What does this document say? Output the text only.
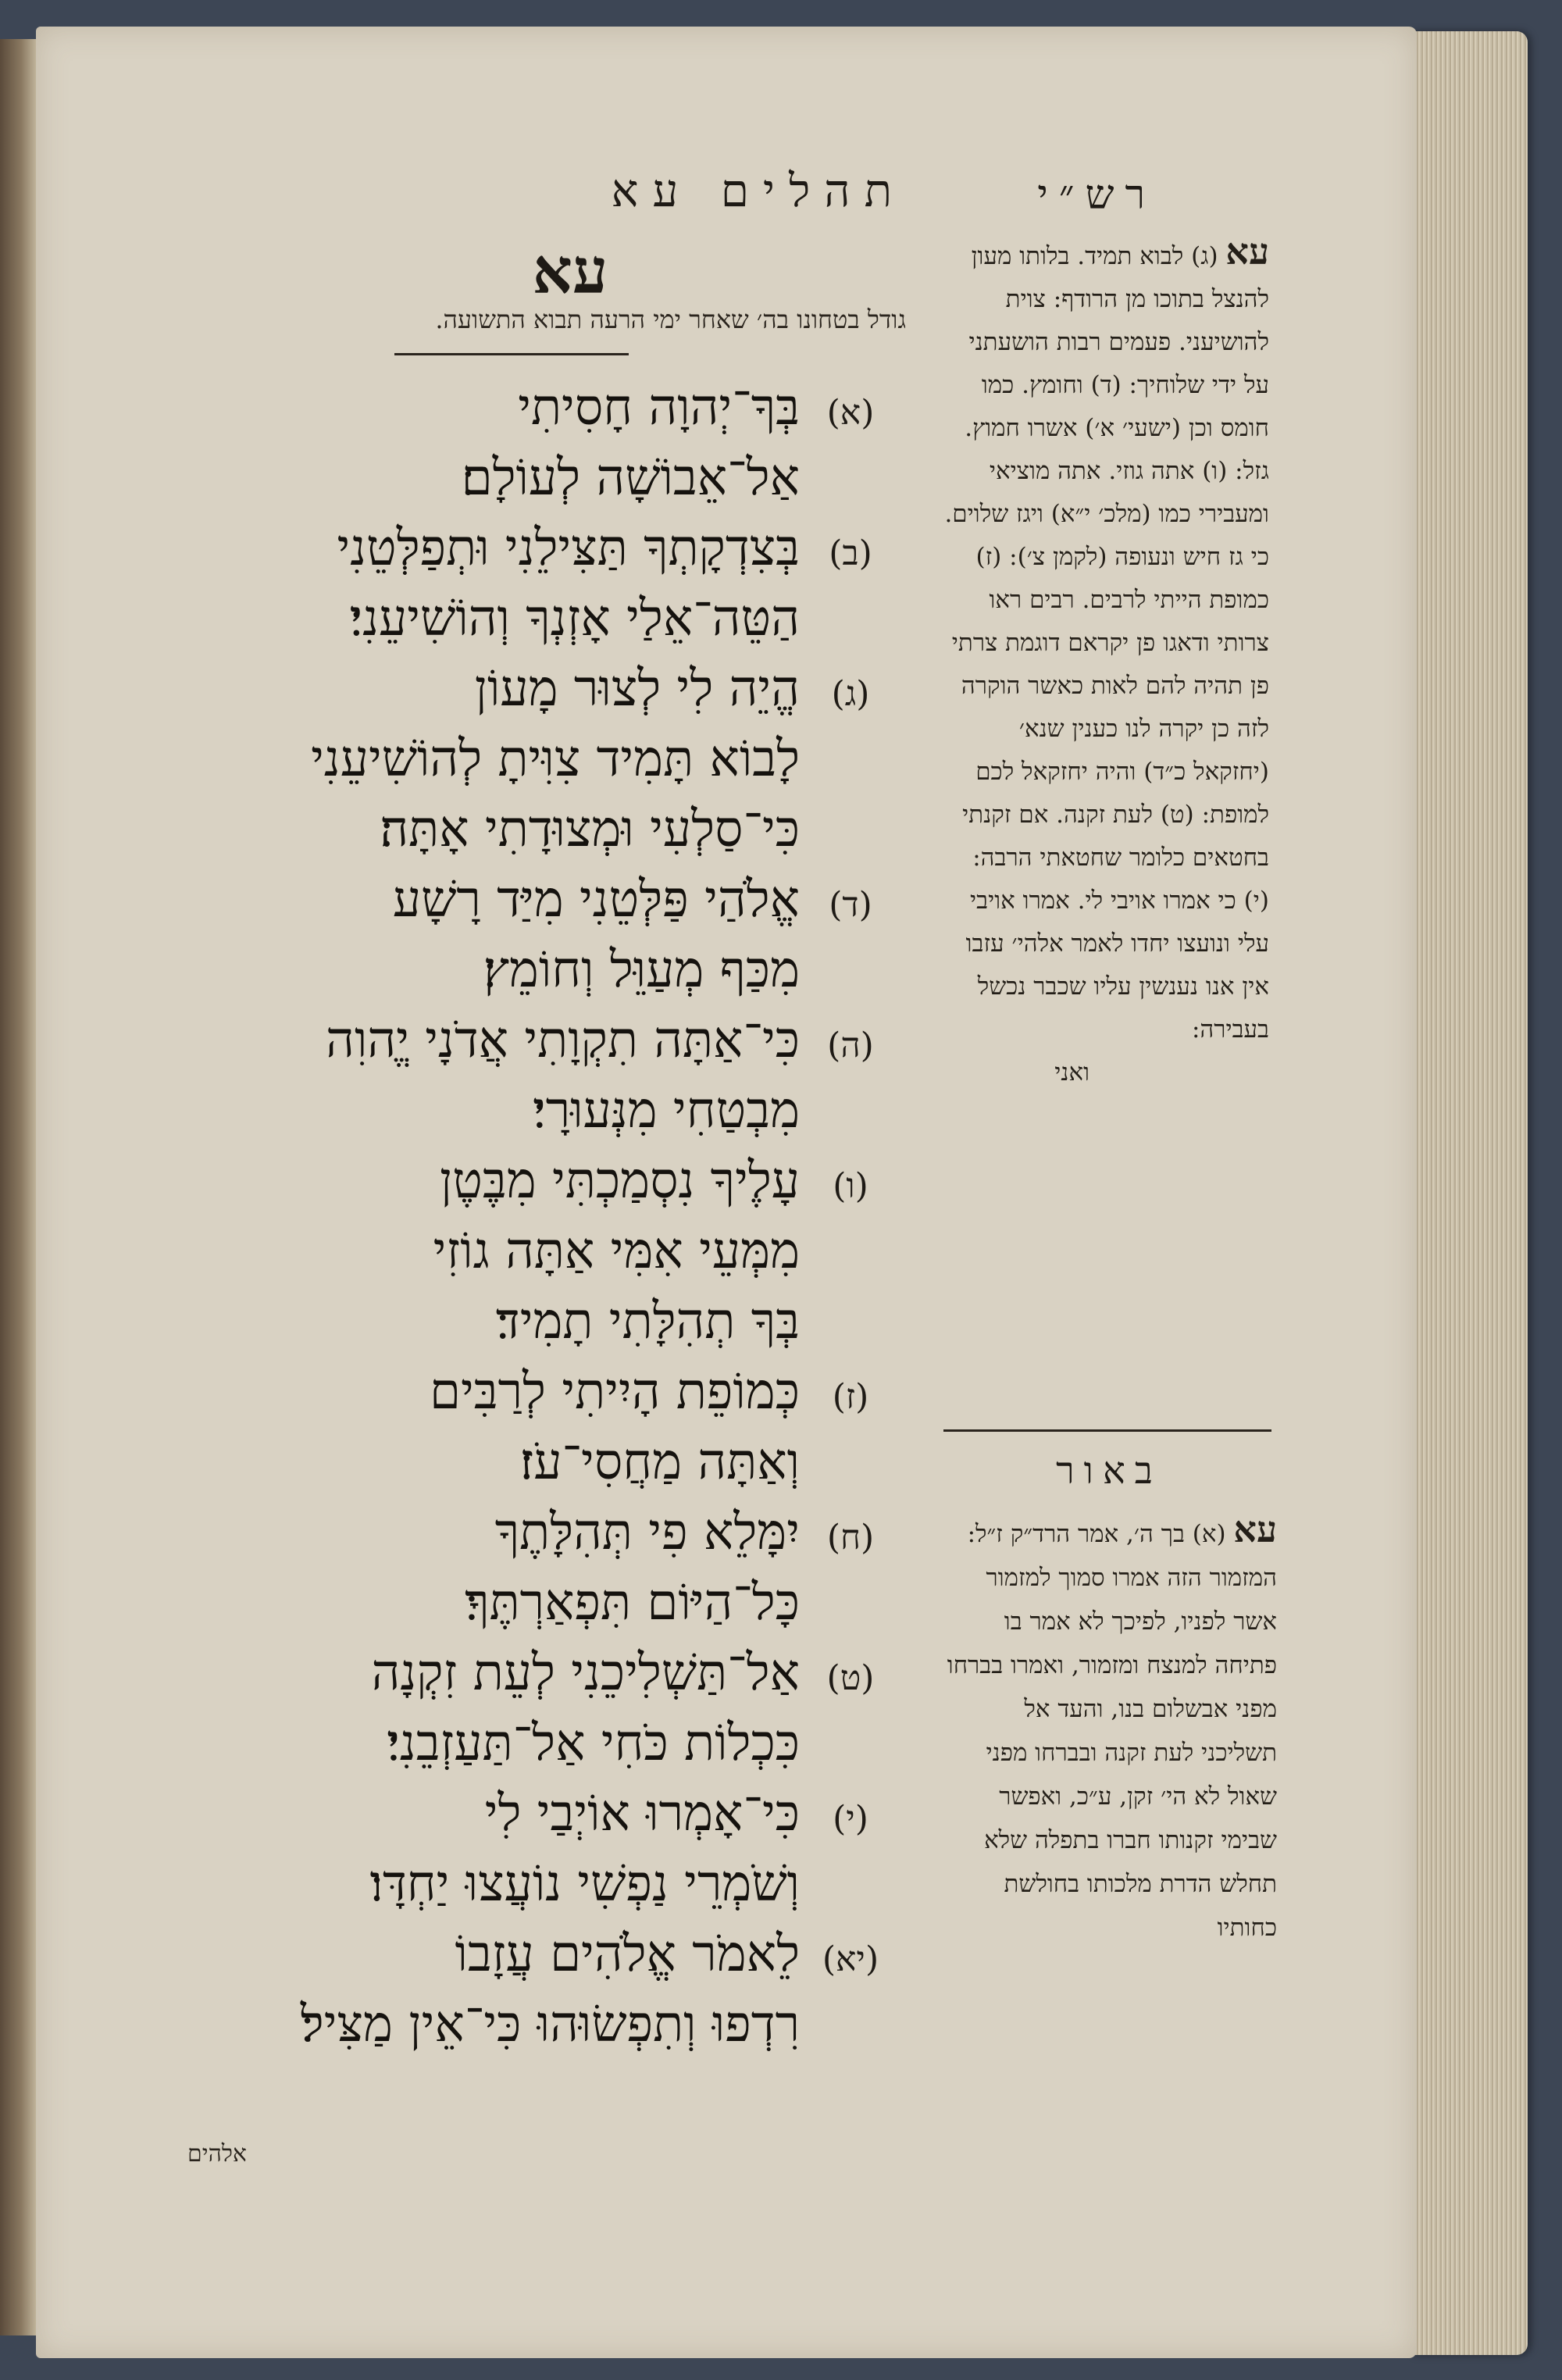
תהלים עא
עא
גודל בטחונו בה׳ שאחר ימי הרעה תבוא התשועה.
(א)
בְּךָ־יְהוָה חָסִיתִי
אַל־אֵבוֹשָׁה לְעוֹלָם׃
(ב)
בְּצִדְקָתְךָ תַּצִּילֵנִי וּתְפַלְּטֵנִי
הַטֵּה־אֵלַי אָזְנְךָ וְהוֹשִׁיעֵנִי׃
(ג)
הֱיֵה לִי לְצוּר מָעוֹן
לָבוֹא תָּמִיד צִוִּיתָ לְהוֹשִׁיעֵנִי
כִּי־סַלְעִי וּמְצוּדָתִי אָתָּה׃
(ד)
אֱלֹהַי פַּלְּטֵנִי מִיַּד רָשָׁע
מִכַּף מְעַוֵּל וְחוֹמֵץ׃
(ה)
כִּי־אַתָּה תִקְוָתִי אֲדֹנָי יֱהוִה
מִבְטַחִי מִנְּעוּרָי׃
(ו)
עָלֶיךָ נִסְמַכְתִּי מִבֶּטֶן
מִמְּעֵי אִמִּי אַתָּה גוֹזִי
בְּךָ תְהִלָּתִי תָמִיד׃
(ז)
כְּמוֹפֵת הָיִיתִי לְרַבִּים
וְאַתָּה מַחֲסִי־עֹז׃
(ח)
יִמָּלֵא פִי תְּהִלָּתֶךָ
כָּל־הַיּוֹם תִּפְאַרְתֶּךָ׃
(ט)
אַל־תַּשְׁלִיכֵנִי לְעֵת זִקְנָה
כִּכְלוֹת כֹּחִי אַל־תַּעַזְבֵנִי׃
(י)
כִּי־אָמְרוּ אוֹיְבַי לִי
וְשֹׁמְרֵי נַפְשִׁי נוֹעֲצוּ יַחְדָּו׃
(יא)
לֵאמֹר אֱלֹהִים עֲזָבוֹ
רִדְפוּ וְתִפְשׂוּהוּ כִּי־אֵין מַצִּיל׃
אלהים
רש״י
עא (ג) לבוא תמיד. בלותו מעון להנצל בתוכו מן הרודף: צוית להושיעני. פעמים רבות הושעתני על ידי שלוחיך: (ד) וחומץ. כמו חומס וכן (ישעי׳ א׳) אשרו חמוץ. גזל: (ו) אתה גוזי. אתה מוציאי ומעבירי כמו (מלכ׳ י״א) ויגז שלוים. כי גז חיש ונעופה (לקמן צ׳): (ז) כמופת הייתי לרבים. רבים ראו צרותי ודאגו פן יקראם דוגמת צרתי פן תהיה להם לאות כאשר הוקרה לזה כן יקרה לנו כענין שנא׳ (יחזקאל כ״ד) והיה יחזקאל לכם למופת: (ט) לעת זקנה. אם זקנתי בחטאים כלומר שחטאתי הרבה: (י) כי אמרו אויבי לי. אמרו אויבי עלי ונועצו יחדו לאמר אלהי׳ עזבו אין אנו נענשין עליו שכבר נכשל בעבירה:
ואני
באור
עא (א) בך ה׳, אמר הרד״ק ז״ל: המזמור הזה אמרו סמוך למזמור אשר לפניו, לפיכך לא אמר בו פתיחה למנצח ומזמור, ואמרו בברחו מפני אבשלום בנו, והעד אל תשליכני לעת זקנה ובברחו מפני שאול לא הי׳ זקן, ע״כ, ואפשר שבימי זקנותו חברו בתפלה שלא תחלש הדרת מלכותו בחולשת כחותיו
